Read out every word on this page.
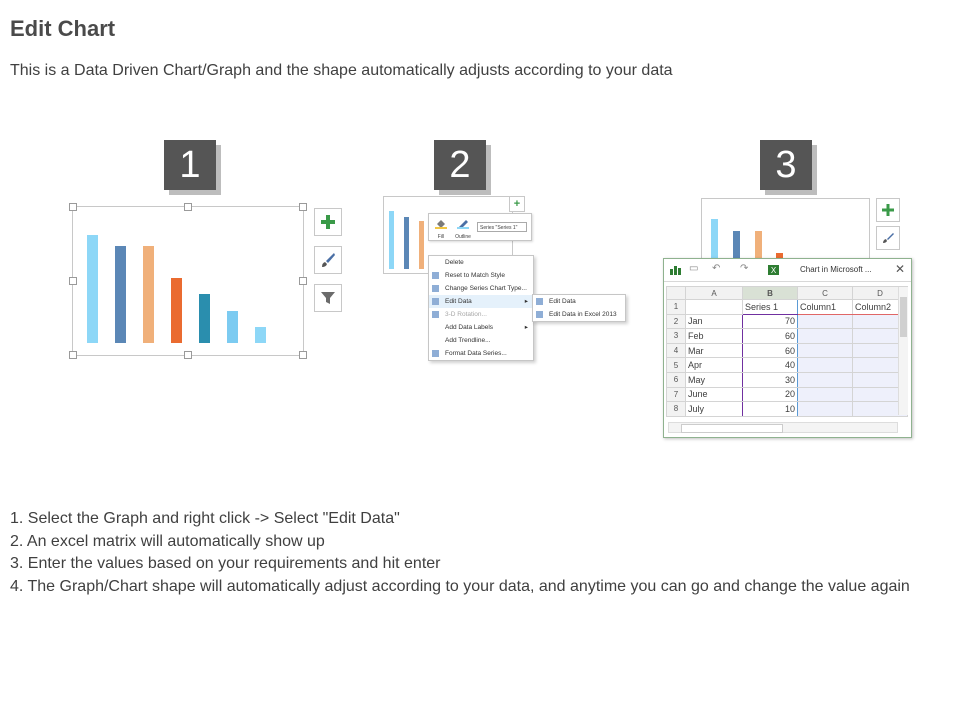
Edit Chart
This is a Data Driven Chart/Graph and the shape automatically adjusts according to your data
1	2	3
+
Fill	Outline
Series "Series 1"
Delete
Reset to Match Style
Change Series Chart Type...
Edit Data	▸
3-D Rotation...
Add Data Labels	▸
Add Trendline...
Format Data Series...
Edit Data
Edit Data in Excel 2013
▭ ↶ ↷	X	Chart in Microsoft ... ✕
	A	B	C	D
1		Series 1	Column1	Column2
2	Jan	70		
3	Feb	60		
4	Mar	60		
5	Apr	40		
6	May	30		
7	June	20		
8	July	10		
1. Select the Graph and right click -> Select "Edit Data"
2. An excel matrix will automatically show up
3. Enter the values based on your requirements and hit enter
4. The Graph/Chart shape will automatically adjust according to your data, and anytime you can go and change the value again
